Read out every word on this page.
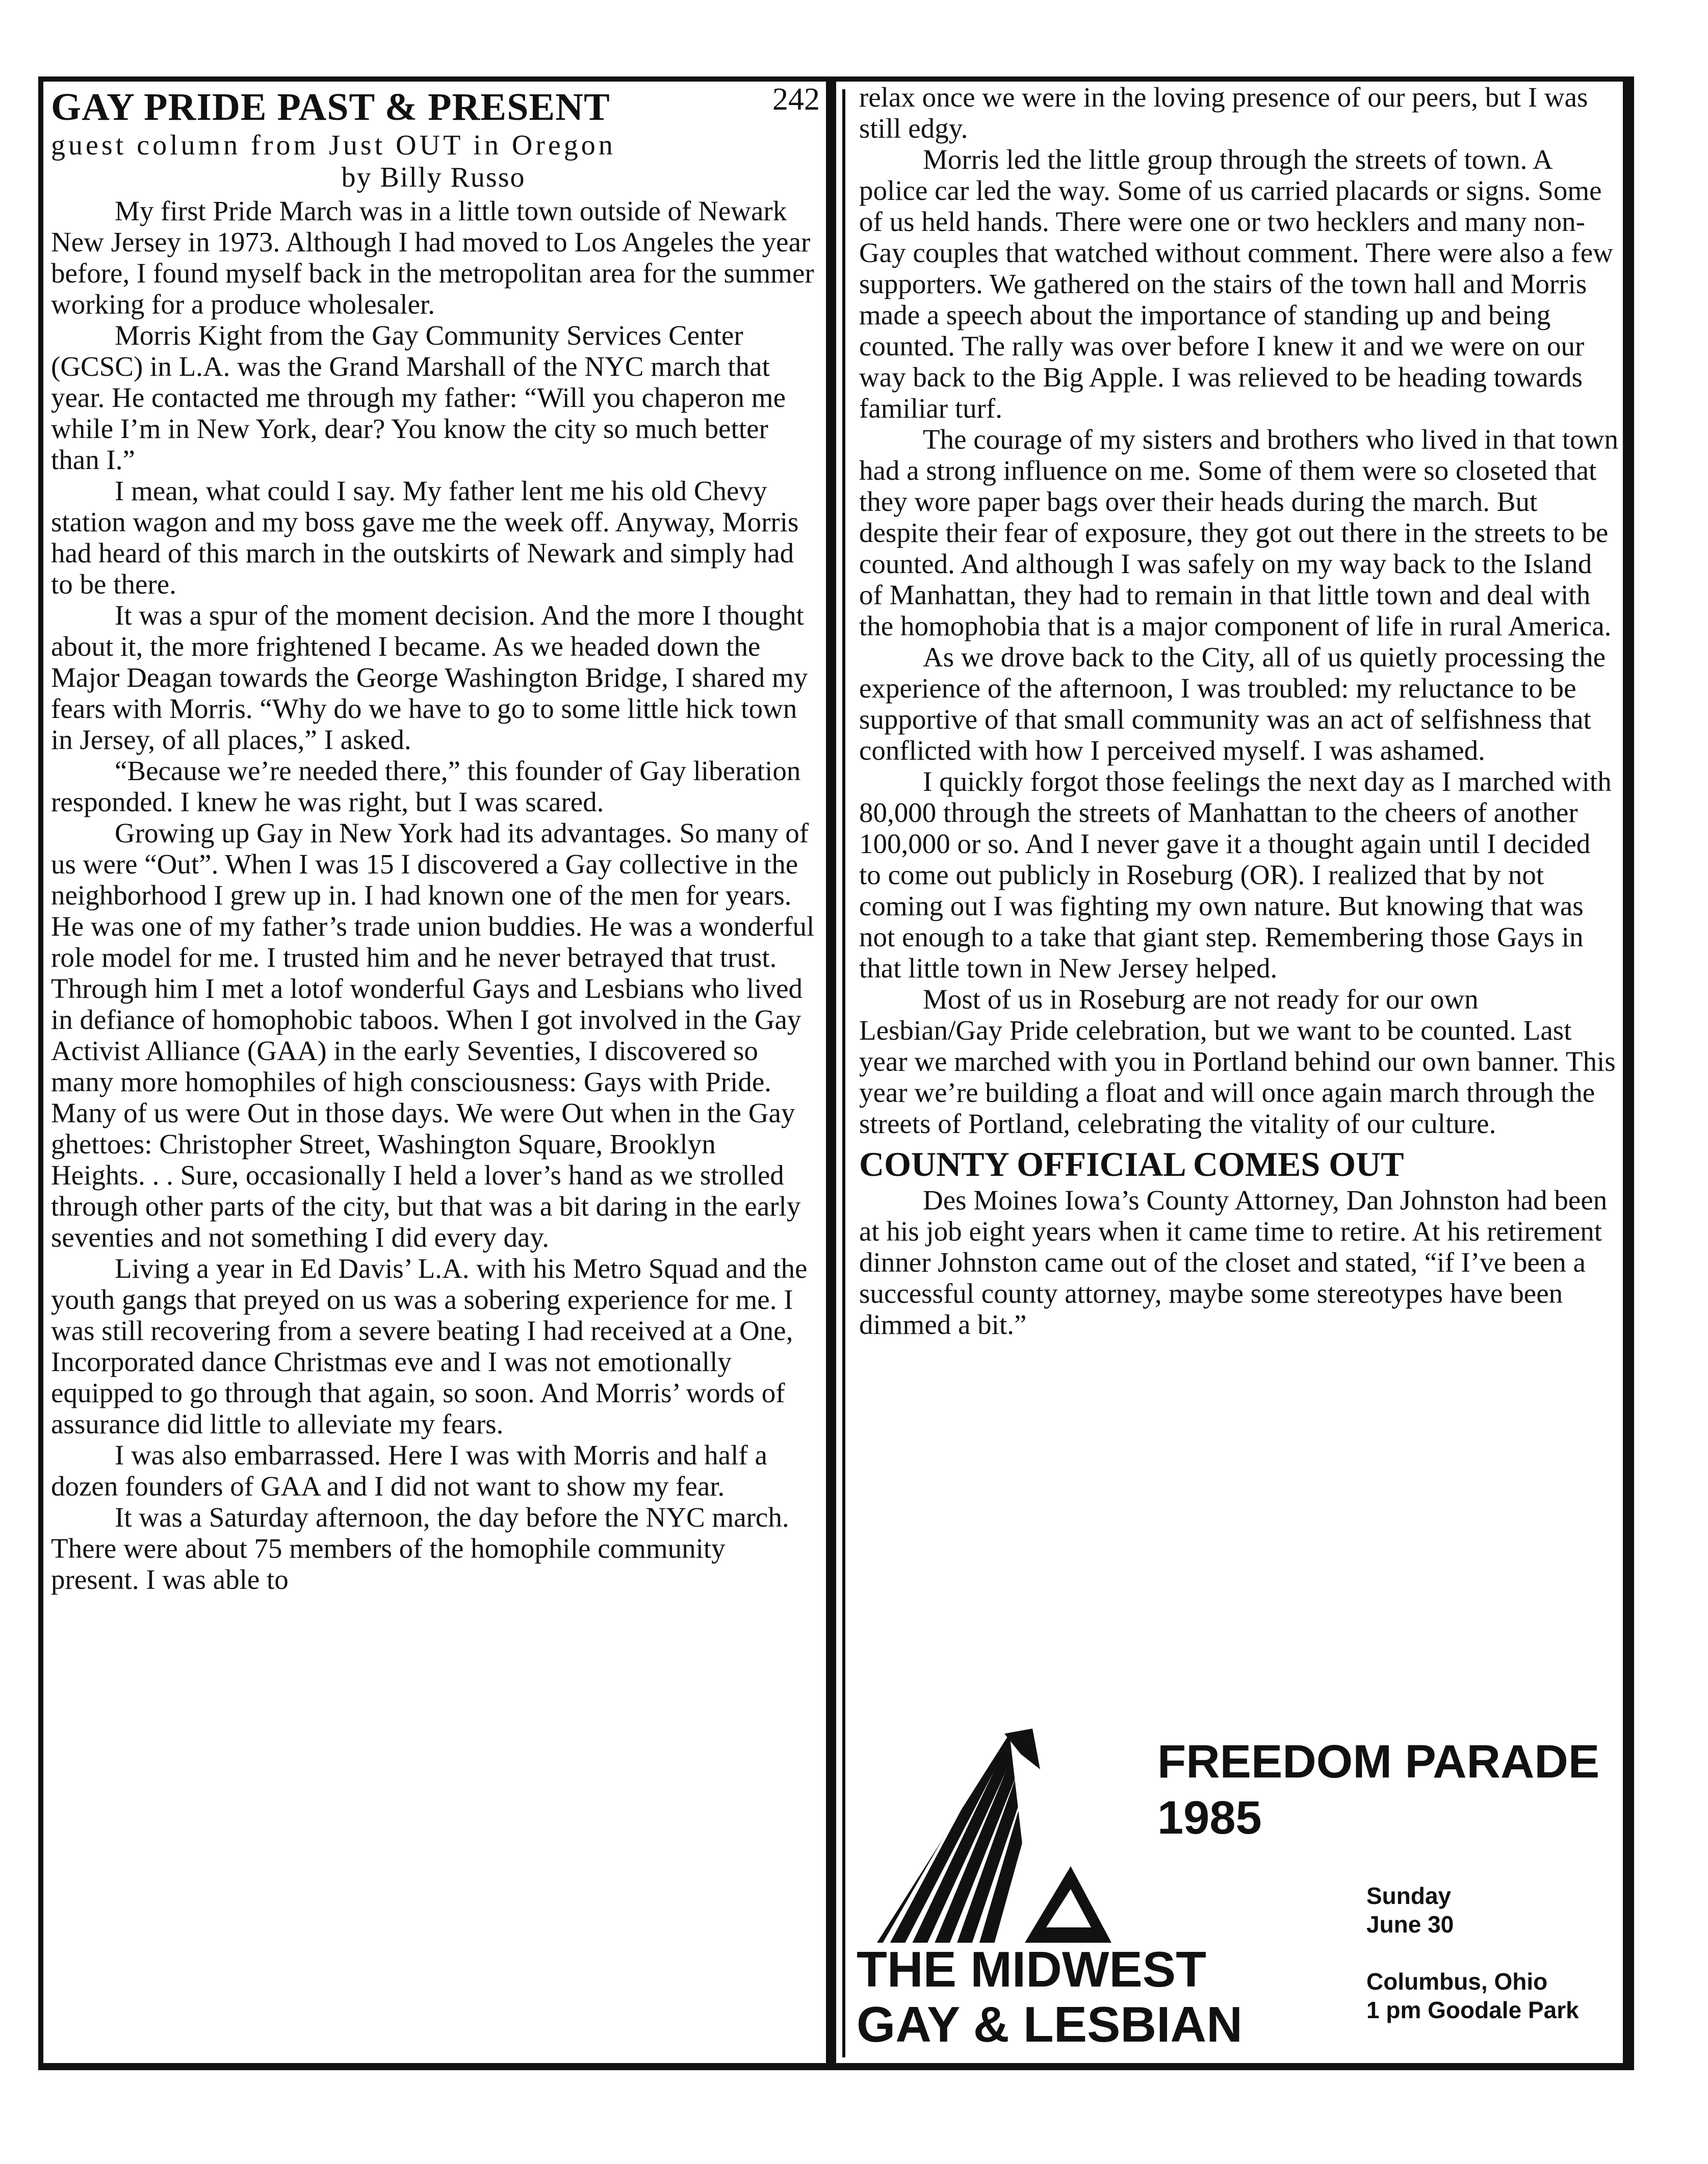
242
GAY PRIDE PAST & PRESENT

guest column from Just OUT in Oregon

by Billy Russo

My first Pride March was in a little town outside of Newark New Jersey in 1973. Although I had moved to Los Angeles the year before, I found myself back in the metropolitan area for the summer working for a produce wholesaler.

Morris Kight from the Gay Community Services Center (GCSC) in L.A. was the Grand Marshall of the NYC march that year. He contacted me through my father: “Will you chaperon me while I’m in New York, dear? You know the city so much better than I.”

I mean, what could I say. My father lent me his old Chevy station wagon and my boss gave me the week off. Anyway, Morris had heard of this march in the outskirts of Newark and simply had to be there.

It was a spur of the moment decision. And the more I thought about it, the more frightened I became. As we headed down the Major Deagan towards the George Washington Bridge, I shared my fears with Morris. “Why do we have to go to some little hick town in Jersey, of all places,” I asked.

“Because we’re needed there,” this founder of Gay liberation responded. I knew he was right, but I was scared.

Growing up Gay in New York had its advantages. So many of us were “Out”. When I was 15 I discovered a Gay collective in the neighborhood I grew up in. I had known one of the men for years. He was one of my father’s trade union buddies. He was a wonderful role model for me. I trusted him and he never betrayed that trust. Through him I met a lotof wonderful Gays and Lesbians who lived in defiance of homophobic taboos. When I got involved in the Gay Activist Alliance (GAA) in the early Seventies, I discovered so many more homophiles of high consciousness: Gays with Pride. Many of us were Out in those days. We were Out when in the Gay ghettoes: Christopher Street, Washington Square, Brooklyn Heights. . . Sure, occasionally I held a lover’s hand as we strolled through other parts of the city, but that was a bit daring in the early seventies and not something I did every day.

Living a year in Ed Davis’ L.A. with his Metro Squad and the youth gangs that preyed on us was a sobering experience for me. I was still recovering from a severe beating I had received at a One, Incorporated dance Christmas eve and I was not emotionally equipped to go through that again, so soon. And Morris’ words of assurance did little to alleviate my fears.

I was also embarrassed. Here I was with Morris and half a dozen founders of GAA and I did not want to show my fear.

It was a Saturday afternoon, the day before the NYC march. There were about 75 members of the homophile community present. I was able to

relax once we were in the loving presence of our peers, but I was still edgy.

Morris led the little group through the streets of town. A police car led the way. Some of us carried placards or signs. Some of us held hands. There were one or two hecklers and many non-Gay couples that watched without comment. There were also a few supporters. We gathered on the stairs of the town hall and Morris made a speech about the importance of standing up and being counted. The rally was over before I knew it and we were on our way back to the Big Apple. I was relieved to be heading towards familiar turf.

The courage of my sisters and brothers who lived in that town had a strong influence on me. Some of them were so closeted that they wore paper bags over their heads during the march. But despite their fear of exposure, they got out there in the streets to be counted. And although I was safely on my way back to the Island of Manhattan, they had to remain in that little town and deal with the homophobia that is a major component of life in rural America.

As we drove back to the City, all of us quietly processing the experience of the afternoon, I was troubled: my reluctance to be supportive of that small community was an act of selfishness that conflicted with how I perceived myself. I was ashamed.

I quickly forgot those feelings the next day as I marched with 80,000 through the streets of Manhattan to the cheers of another 100,000 or so. And I never gave it a thought again until I decided to come out publicly in Roseburg (OR). I realized that by not coming out I was fighting my own nature. But knowing that was not enough to a take that giant step. Remembering those Gays in that little town in New Jersey helped.

Most of us in Roseburg are not ready for our own Lesbian/Gay Pride celebration, but we want to be counted. Last year we marched with you in Portland behind our own banner. This year we’re building a float and will once again march through the streets of Portland, celebrating the vitality of our culture.

COUNTY OFFICIAL COMES OUT

Des Moines Iowa’s County Attorney, Dan Johnston had been at his job eight years when it came time to retire. At his retirement dinner Johnston came out of the closet and stated, “if I’ve been a successful county attorney, maybe some stereotypes have been dimmed a bit.”

FREEDOM PARADE
1985
THE MIDWEST
GAY & LESBIAN
Sunday
June 30
Columbus, Ohio
1 pm Goodale Park
